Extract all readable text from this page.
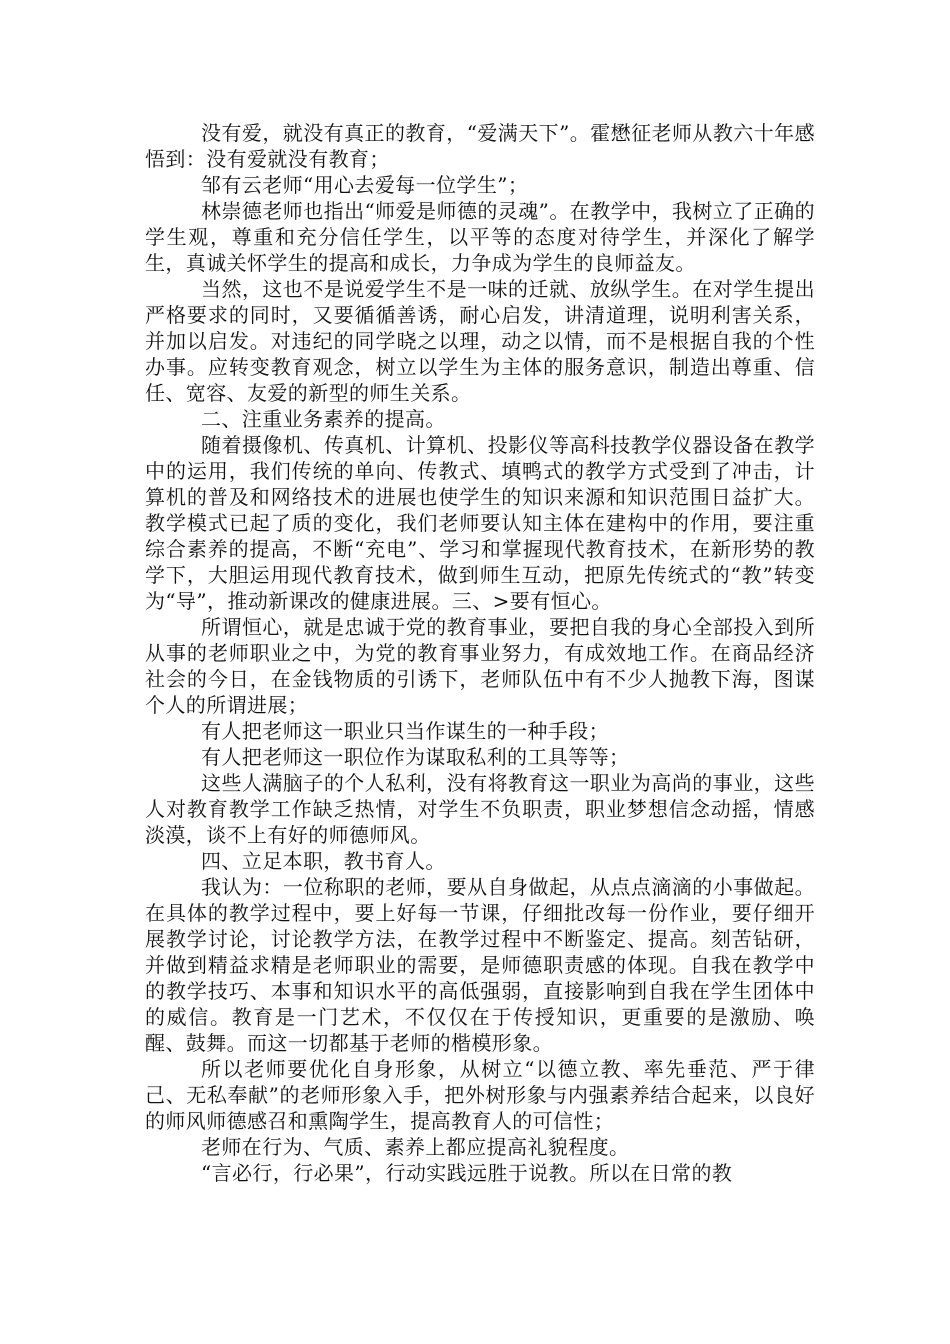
没有爱，就没有真正的教育，“爱满天下”。霍懋征老师从教六十年感悟到：没有爱就没有教育；

邹有云老师“用心去爱每一位学生”；

林崇德老师也指出“师爱是师德的灵魂”。在教学中，我树立了正确的学生观，尊重和充分信任学生，以平等的态度对待学生，并深化了解学生，真诚关怀学生的提高和成长，力争成为学生的良师益友。

当然，这也不是说爱学生不是一味的迁就、放纵学生。在对学生提出严格要求的同时，又要循循善诱，耐心启发，讲清道理，说明利害关系，并加以启发。对违纪的同学晓之以理，动之以情，而不是根据自我的个性办事。应转变教育观念，树立以学生为主体的服务意识，制造出尊重、信任、宽容、友爱的新型的师生关系。

二、注重业务素养的提高。

随着摄像机、传真机、计算机、投影仪等高科技教学仪器设备在教学中的运用，我们传统的单向、传教式、填鸭式的教学方式受到了冲击，计算机的普及和网络技术的进展也使学生的知识来源和知识范围日益扩大。教学模式已起了质的变化，我们老师要认知主体在建构中的作用，要注重综合素养的提高，不断“充电”、学习和掌握现代教育技术，在新形势的教学下，大胆运用现代教育技术，做到师生互动，把原先传统式的“教”转变为“导”，推动新课改的健康进展。三、>要有恒心。

所谓恒心，就是忠诚于党的教育事业，要把自我的身心全部投入到所从事的老师职业之中，为党的教育事业努力，有成效地工作。在商品经济社会的今日，在金钱物质的引诱下，老师队伍中有不少人抛教下海，图谋个人的所谓进展；

有人把老师这一职业只当作谋生的一种手段；

有人把老师这一职位作为谋取私利的工具等等；

这些人满脑子的个人私利，没有将教育这一职业为高尚的事业，这些人对教育教学工作缺乏热情，对学生不负职责，职业梦想信念动摇，情感淡漠，谈不上有好的师德师风。

四、立足本职，教书育人。

我认为：一位称职的老师，要从自身做起，从点点滴滴的小事做起。在具体的教学过程中，要上好每一节课，仔细批改每一份作业，要仔细开展教学讨论，讨论教学方法，在教学过程中不断鉴定、提高。刻苦钻研，并做到精益求精是老师职业的需要，是师德职责感的体现。自我在教学中的教学技巧、本事和知识水平的高低强弱，直接影响到自我在学生团体中的威信。教育是一门艺术，不仅仅在于传授知识，更重要的是激励、唤醒、鼓舞。而这一切都基于老师的楷模形象。

所以老师要优化自身形象，从树立“以德立教、率先垂范、严于律己、无私奉献”的老师形象入手，把外树形象与内强素养结合起来，以良好的师风师德感召和熏陶学生，提高教育人的可信性；

老师在行为、气质、素养上都应提高礼貌程度。

“言必行，行必果”，行动实践远胜于说教。所以在日常的教
